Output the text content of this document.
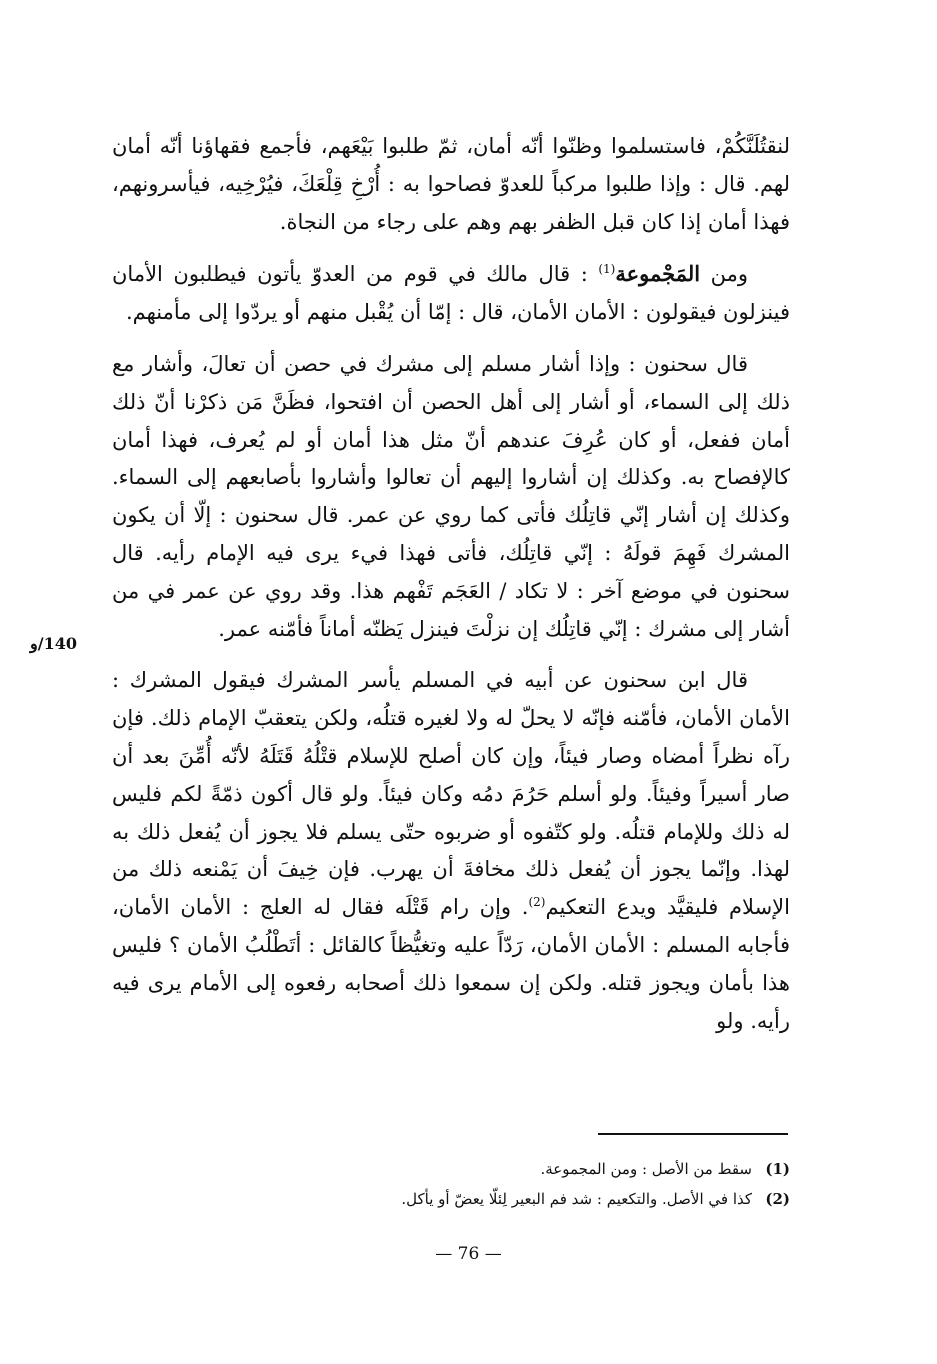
140/و

لنقتُلَنَّكُمْ، فاستسلموا وظنّوا أنّه أمان، ثمّ طلبوا بَيْعَهم، فأجمع فقهاؤنا أنّه أمان لهم. قال : وإذا طلبوا مركباً للعدوّ فصاحوا به : أُرْخِ قِلْعَكَ، فيُرْخِيه، فيأسرونهم، فهذا أمان إذا كان قبل الظفر بهم وهم على رجاء من النجاة.

ومن المَجْموعة$^{(1)}$ : قال مالك في قوم من العدوّ يأتون فيطلبون الأمان فينزلون فيقولون : الأمان الأمان، قال : إمّا أن يُقْبل منهم أو يردّوا إلى مأمنهم.

قال سحنون : وإذا أشار مسلم إلى مشرك في حصن أن تعالَ، وأشار مع ذلك إلى السماء، أو أشار إلى أهل الحصن أن افتحوا، فظَنَّ مَن ذكرْنا أنّ ذلك أمان ففعل، أو كان عُرِفَ عندهم أنّ مثل هذا أمان أو لم يُعرف، فهذا أمان كالإفصاح به. وكذلك إن أشاروا إليهم أن تعالوا وأشاروا بأصابعهم إلى السماء. وكذلك إن أشار إنّي قاتِلُك فأتى كما روي عن عمر. قال سحنون : إلّا أن يكون المشرك فَهِمَ قولَهُ : إنّي قاتِلُك، فأتى فهذا فيء يرى فيه الإمام رأيه. قال سحنون في موضع آخر : لا تكاد / العَجَم تَفْهم هذا. وقد روي عن عمر في من أشار إلى مشرك : إنّي قاتِلُك إن نزلْتَ فينزل يَظنّه أماناً فأمّنه عمر.

قال ابن سحنون عن أبيه في المسلم يأسر المشرك فيقول المشرك : الأمان الأمان، فأمّنه فإنّه لا يحلّ له ولا لغيره قتلُه، ولكن يتعقبّ الإمام ذلك. فإن رآه نظراً أمضاه وصار فيئاً، وإن كان أصلح للإسلام قتْلُهُ قَتَلَهُ لأنّه أُمِّنَ بعد أن صار أسيراً وفيئاً. ولو أسلم حَرُمَ دمُه وكان فيئاً. ولو قال أكون ذمّةً لكم فليس له ذلك وللإمام قتلُه. ولو كتّفوه أو ضربوه حتّى يسلم فلا يجوز أن يُفعل ذلك به لهذا. وإنّما يجوز أن يُفعل ذلك مخافةَ أن يهرب. فإن خِيفَ أن يَمْنعه ذلك من الإسلام فليقيَّد ويدع التعكيم$^{(2)}$. وإن رام قَتْلَه فقال له العلج : الأمان الأمان، فأجابه المسلم : الأمان الأمان، رَدّاً عليه وتغيُّظاً كالقائل : أتَطْلُبُ الأمان ؟ فليس هذا بأمان ويجوز قتله. ولكن إن سمعوا ذلك أصحابه رفعوه إلى الأمام يرى فيه رأيه. ولو

(1)
سقط من الأصل : ومن المجموعة.
(2)
كذا في الأصل. والتكعيم : شد فم البعير لِئلّا يعضّ أو يأكل.
— 76 —
